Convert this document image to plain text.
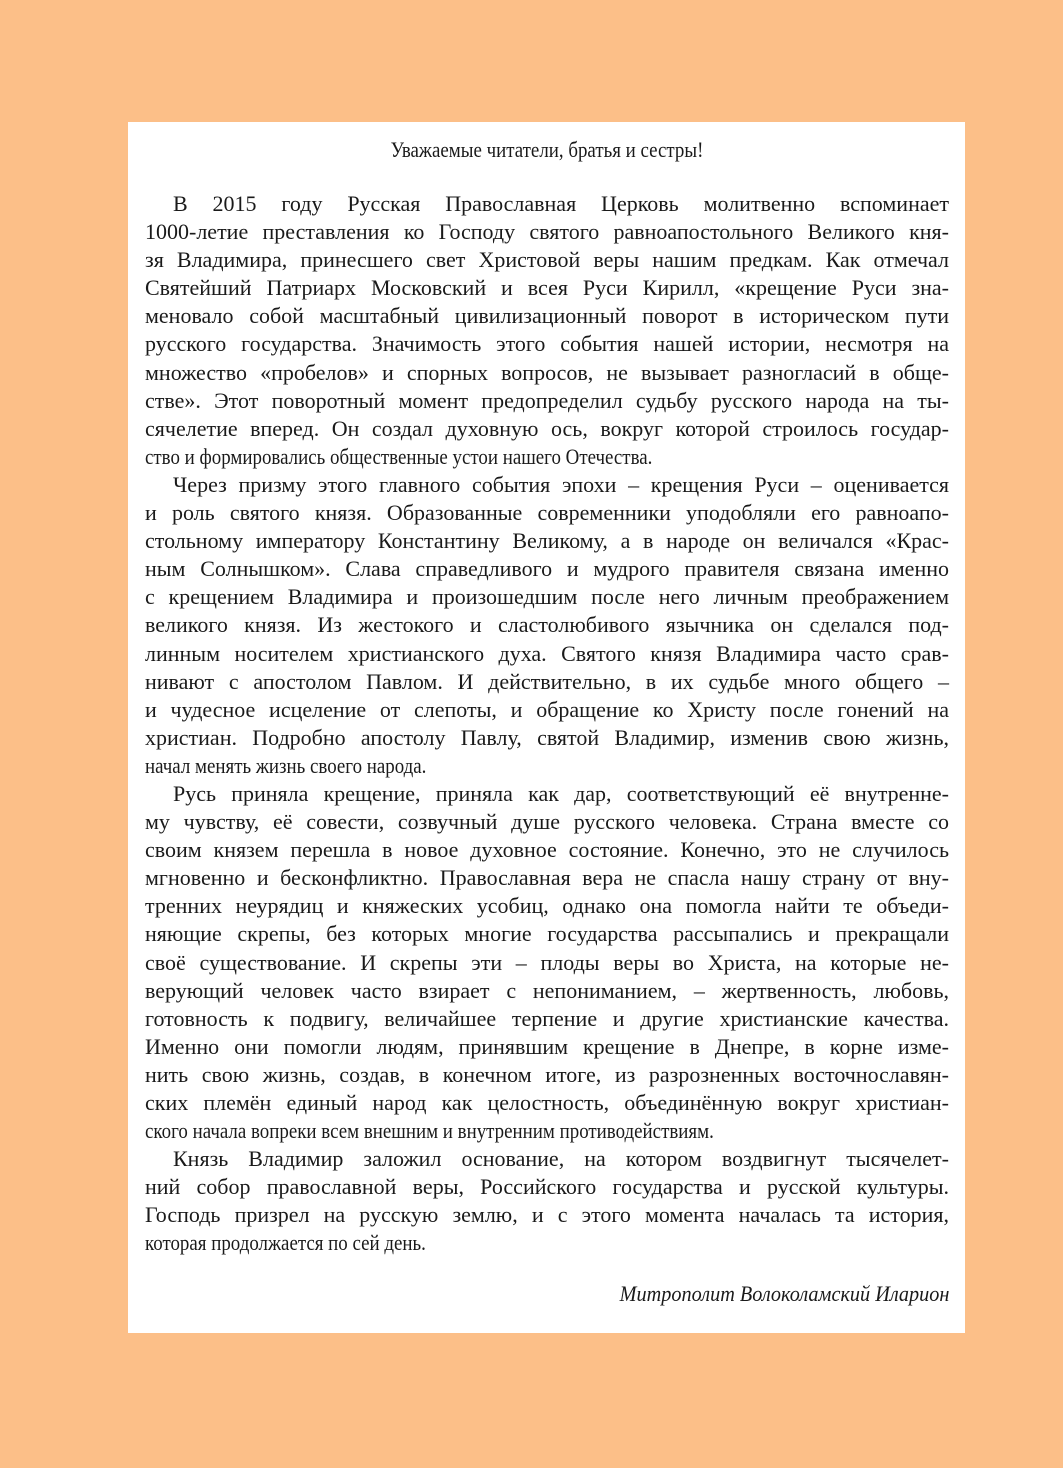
Уважаемые читатели, братья и сестры!
В 2015 году Русская Православная Церковь молитвенно вспоминает
1000-летие преставления ко Господу святого равноапостольного Великого кня-
зя Владимира, принесшего свет Христовой веры нашим предкам. Как отмечал
Святейший Патриарх Московский и всея Руси Кирилл, «крещение Руси зна-
меновало собой масштабный цивилизационный поворот в историческом пути
русского государства. Значимость этого события нашей истории, несмотря на
множество «пробелов» и спорных вопросов, не вызывает разногласий в обще-
стве». Этот поворотный момент предопределил судьбу русского народа на ты-
сячелетие вперед. Он создал духовную ось, вокруг которой строилось государ-
ство и формировались общественные устои нашего Отечества.
Через призму этого главного события эпохи – крещения Руси – оценивается
и роль святого князя. Образованные современники уподобляли его равноапо-
стольному императору Константину Великому, а в народе он величался «Крас-
ным Солнышком». Слава справедливого и мудрого правителя связана именно
с крещением Владимира и произошедшим после него личным преображением
великого князя. Из жестокого и сластолюбивого язычника он сделался под-
линным носителем христианского духа. Святого князя Владимира часто срав-
нивают с апостолом Павлом. И действительно, в их судьбе много общего –
и чудесное исцеление от слепоты, и обращение ко Христу после гонений на
христиан. Подробно апостолу Павлу, святой Владимир, изменив свою жизнь,
начал менять жизнь своего народа.
Русь приняла крещение, приняла как дар, соответствующий её внутренне-
му чувству, её совести, созвучный душе русского человека. Страна вместе со
своим князем перешла в новое духовное состояние. Конечно, это не случилось
мгновенно и бесконфликтно. Православная вера не спасла нашу страну от вну-
тренних неурядиц и княжеских усобиц, однако она помогла найти те объеди-
няющие скрепы, без которых многие государства рассыпались и прекращали
своё существование. И скрепы эти – плоды веры во Христа, на которые не-
верующий человек часто взирает с непониманием, – жертвенность, любовь,
готовность к подвигу, величайшее терпение и другие христианские качества.
Именно они помогли людям, принявшим крещение в Днепре, в корне изме-
нить свою жизнь, создав, в конечном итоге, из разрозненных восточнославян-
ских племён единый народ как целостность, объединённую вокруг христиан-
ского начала вопреки всем внешним и внутренним противодействиям.
Князь Владимир заложил основание, на котором воздвигнут тысячелет-
ний собор православной веры, Российского государства и русской культуры.
Господь призрел на русскую землю, и с этого момента началась та история,
которая продолжается по сей день.
Митрополит Волоколамский Иларион
